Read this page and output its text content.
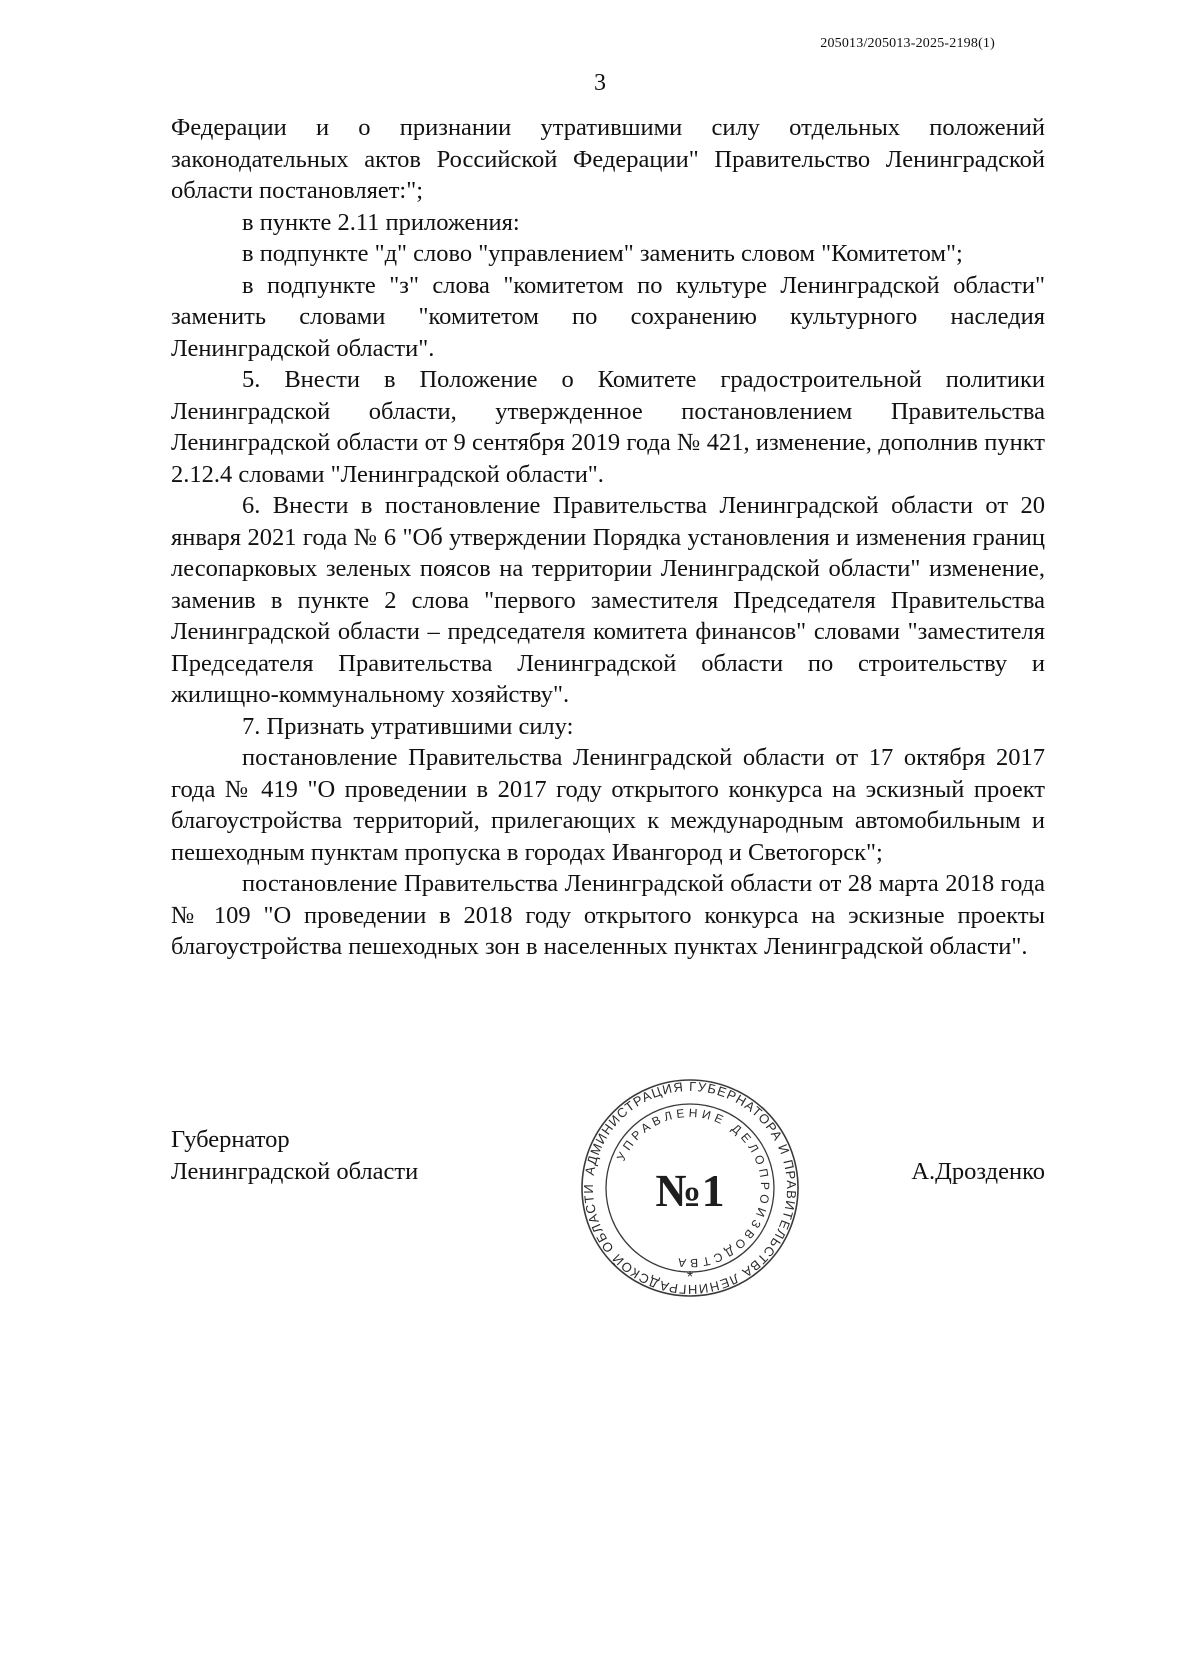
205013/205013-2025-2198(1)
3

Федерации и о признании утратившими силу отдельных положений законодательных актов Российской Федерации" Правительство Ленинградской области постановляет:";

в пункте 2.11 приложения:

в подпункте "д" слово "управлением" заменить словом "Комитетом";

в подпункте "з" слова "комитетом по культуре Ленинградской области" заменить словами "комитетом по сохранению культурного наследия Ленинградской области".

5. Внести в Положение о Комитете градостроительной политики Ленинградской области, утвержденное постановлением Правительства Ленинградской области от 9 сентября 2019 года № 421, изменение, дополнив пункт 2.12.4 словами "Ленинградской области".

6. Внести в постановление Правительства Ленинградской области от 20 января 2021 года № 6 "Об утверждении Порядка установления и изменения границ лесопарковых зеленых поясов на территории Ленинградской области" изменение, заменив в пункте 2 слова "первого заместителя Председателя Правительства Ленинградской области – председателя комитета финансов" словами "заместителя Председателя Правительства Ленинградской области по строительству и жилищно-коммунальному хозяйству".

7. Признать утратившими силу:

постановление Правительства Ленинградской области от 17 октября 2017 года № 419 "О проведении в 2017 году открытого конкурса на эскизный проект благоустройства территорий, прилегающих к международным автомобильным и пешеходным пунктам пропуска в городах Ивангород и Светогорск";

постановление Правительства Ленинградской области от 28 марта 2018 года № 109 "О проведении в 2018 году открытого конкурса на эскизные проекты благоустройства пешеходных зон в населенных пунктах Ленинградской области".

Губернатор
Ленинградской области	А.Дрозденко
АДМИНИСТРАЦИЯ ГУБЕРНАТОРА И ПРАВИТЕЛЬСТВА ЛЕНИНГРАДСКОЙ ОБЛАСТИ
УПРАВЛЕНИЕ ДЕЛОПРОИЗВОДСТВА
№1
*
